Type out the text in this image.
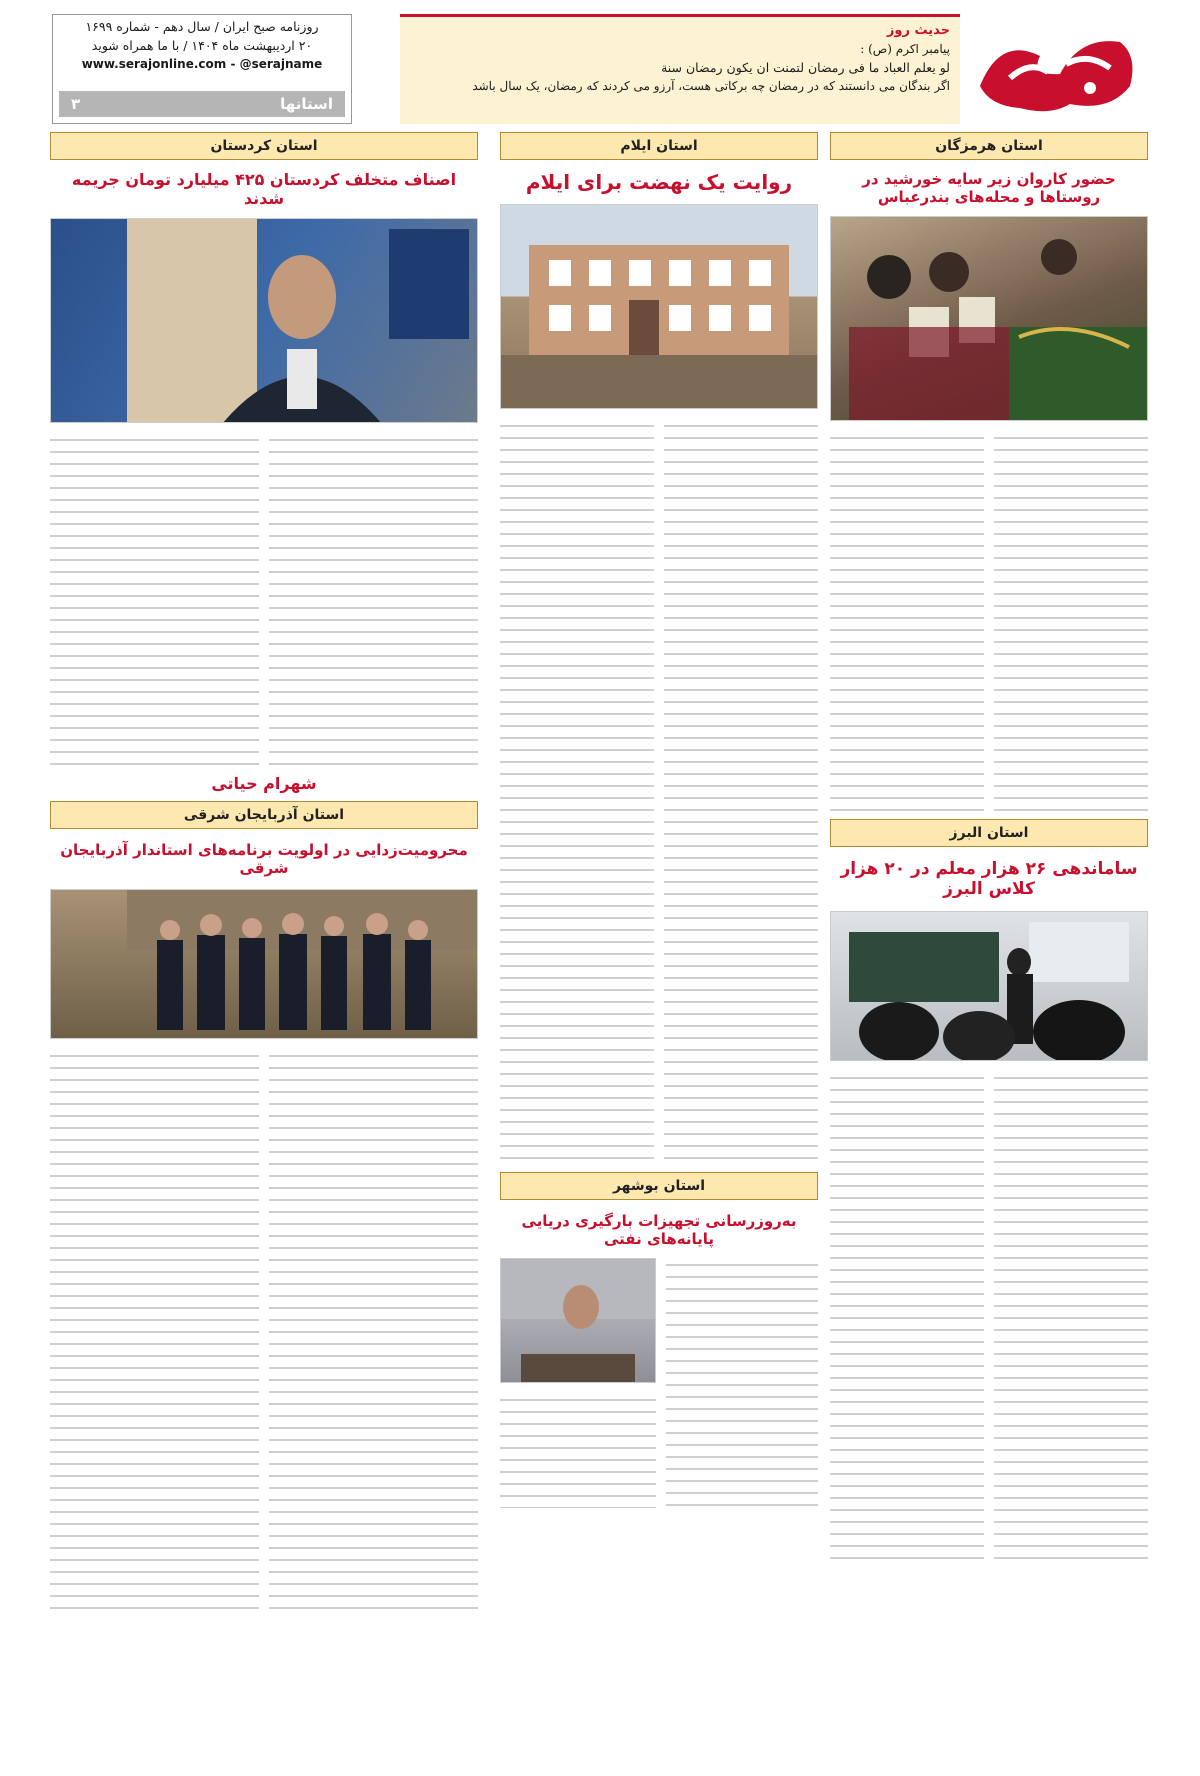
حدیث روز
پیامبر اکرم (ص) :
لو یعلم العباد ما فی رمضان لتمنت ان یکون رمضان سنة
اگر بندگان می دانستند که در رمضان چه برکاتی هست، آرزو می کردند که رمضان، یک سال باشد
روزنامه صبح ایران / سال دهم - شماره ۱۶۹۹
۲۰ اردیبهشت ماه ۱۴۰۴ / با ما همراه شوید
www.serajonline.com - @serajname
استانها
۳
استان هرمزگان
حضور کاروان زیر سایه خورشید در روستاها و محله‌های بندرعباس
استان البرز
ساماندهی ۲۶ هزار معلم در ۲۰ هزار کلاس البرز
استان ایلام
روایت یک نهضت برای ایلام
استان بوشهر
به‌روزرسانی تجهیزات بارگیری دریایی پایانه‌های نفتی
استان کردستان
اصناف متخلف کردستان ۴۲۵ میلیارد تومان جریمه شدند
شهرام حیاتی
استان آذربایجان شرقی
محرومیت‌زدایی در اولویت برنامه‌های استاندار آذربایجان شرقی
